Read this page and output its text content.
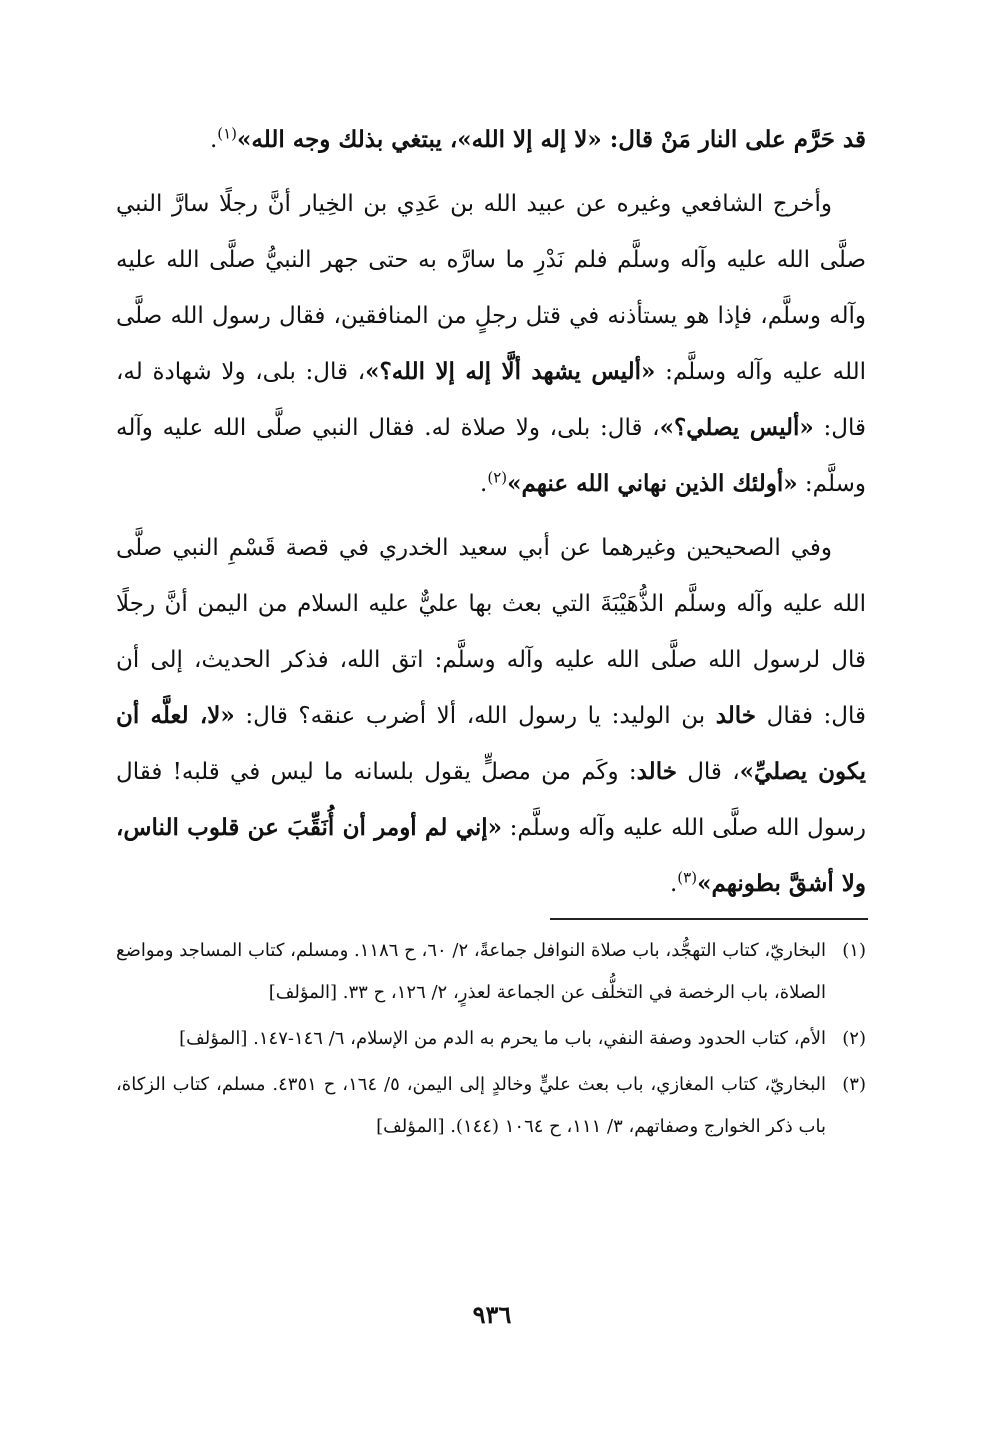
قد حَرَّم على النار مَنْ قال: «لا إله إلا الله»، يبتغي بذلك وجه الله»$^{(١)}$.

وأخرج الشافعي وغيره عن عبيد الله بن عَدِي بن الخِيار أنَّ رجلًا سارَّ النبي صلَّى الله عليه وآله وسلَّم فلم نَدْرِ ما سارَّه به حتى جهر النبيُّ صلَّى الله عليه وآله وسلَّم، فإذا هو يستأذنه في قتل رجلٍ من المنافقين، فقال رسول الله صلَّى الله عليه وآله وسلَّم: «أليس يشهد ألَّا إله إلا الله؟»، قال: بلى، ولا شهادة له، قال: «أليس يصلي؟»، قال: بلى، ولا صلاة له. فقال النبي صلَّى الله عليه وآله وسلَّم: «أولئك الذين نهاني الله عنهم»$^{(٢)}$.

وفي الصحيحين وغيرهما عن أبي سعيد الخدري في قصة قَسْمِ النبي صلَّى الله عليه وآله وسلَّم الذُّهَيْبَةَ التي بعث بها عليٌّ عليه السلام من اليمن أنَّ رجلًا قال لرسول الله صلَّى الله عليه وآله وسلَّم: اتق الله، فذكر الحديث، إلى أن قال: فقال خالد بن الوليد: يا رسول الله، ألا أضرب عنقه؟ قال: «لا، لعلَّه أن يكون يصليِّ»، قال خالد: وكَم من مصلٍّ يقول بلسانه ما ليس في قلبه! فقال رسول الله صلَّى الله عليه وآله وسلَّم: «إني لم أومر أن أُنَقِّبَ عن قلوب الناس، ولا أشقَّ بطونهم»$^{(٣)}$.

(١)
البخاريّ، كتاب التهجُّد، باب صلاة النوافل جماعةً، ٢/ ٦٠، ح ١١٨٦. ومسلم، كتاب المساجد ومواضع الصلاة، باب الرخصة في التخلُّف عن الجماعة لعذرٍ، ٢/ ١٢٦، ح ٣٣. [المؤلف]
(٢)
الأم، كتاب الحدود وصفة النفي، باب ما يحرم به الدم من الإسلام، ٦/ ١٤٦-١٤٧. [المؤلف]
(٣)
البخاريّ، كتاب المغازي، باب بعث عليٍّ وخالدٍ إلى اليمن، ٥/ ١٦٤، ح ٤٣٥١. مسلم، كتاب الزكاة، باب ذكر الخوارج وصفاتهم، ٣/ ١١١، ح ١٠٦٤ (١٤٤). [المؤلف]
٩٣٦
